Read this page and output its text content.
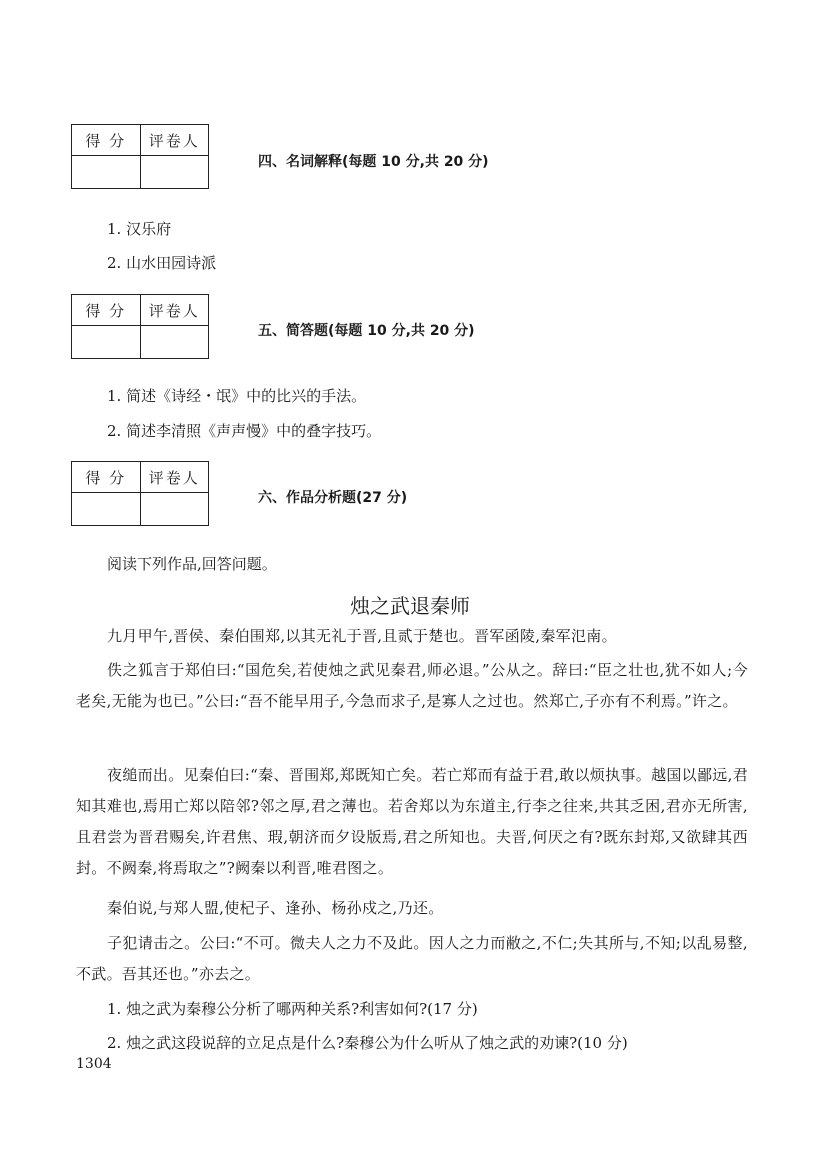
得 分	评卷人

四、名词解释(每题 10 分,共 20 分)
1. 汉乐府
2. 山水田园诗派
得 分	评卷人

五、简答题(每题 10 分,共 20 分)
1. 简述《诗经・氓》中的比兴的手法。
2. 简述李清照《声声慢》中的叠字技巧。
得 分	评卷人

六、作品分析题(27 分)
阅读下列作品,回答问题。
烛之武退秦师
九月甲午,晋侯、秦伯围郑,以其无礼于晋,且贰于楚也。晋军函陵,秦军氾南。
佚之狐言于郑伯曰:“国危矣,若使烛之武见秦君,师必退。”公从之。辞曰:“臣之壮也,犹不如人;今老矣,无能为也已。”公曰:“吾不能早用子,今急而求子,是寡人之过也。然郑亡,子亦有不利焉。”许之。
夜缒而出。见秦伯曰:“秦、晋围郑,郑既知亡矣。若亡郑而有益于君,敢以烦执事。越国以鄙远,君知其难也,焉用亡郑以陪邻?邻之厚,君之薄也。若舍郑以为东道主,行李之往来,共其乏困,君亦无所害,且君尝为晋君赐矣,许君焦、瑕,朝济而夕设版焉,君之所知也。夫晋,何厌之有?既东封郑,又欲肆其西封。不阙秦,将焉取之”?阙秦以利晋,唯君图之。
秦伯说,与郑人盟,使杞子、逢孙、杨孙戍之,乃还。
子犯请击之。公曰:“不可。微夫人之力不及此。因人之力而敝之,不仁;失其所与,不知;以乱易整,不武。吾其还也。”亦去之。
1. 烛之武为秦穆公分析了哪两种关系?利害如何?(17 分)
2. 烛之武这段说辞的立足点是什么?秦穆公为什么听从了烛之武的劝谏?(10 分)
1304
